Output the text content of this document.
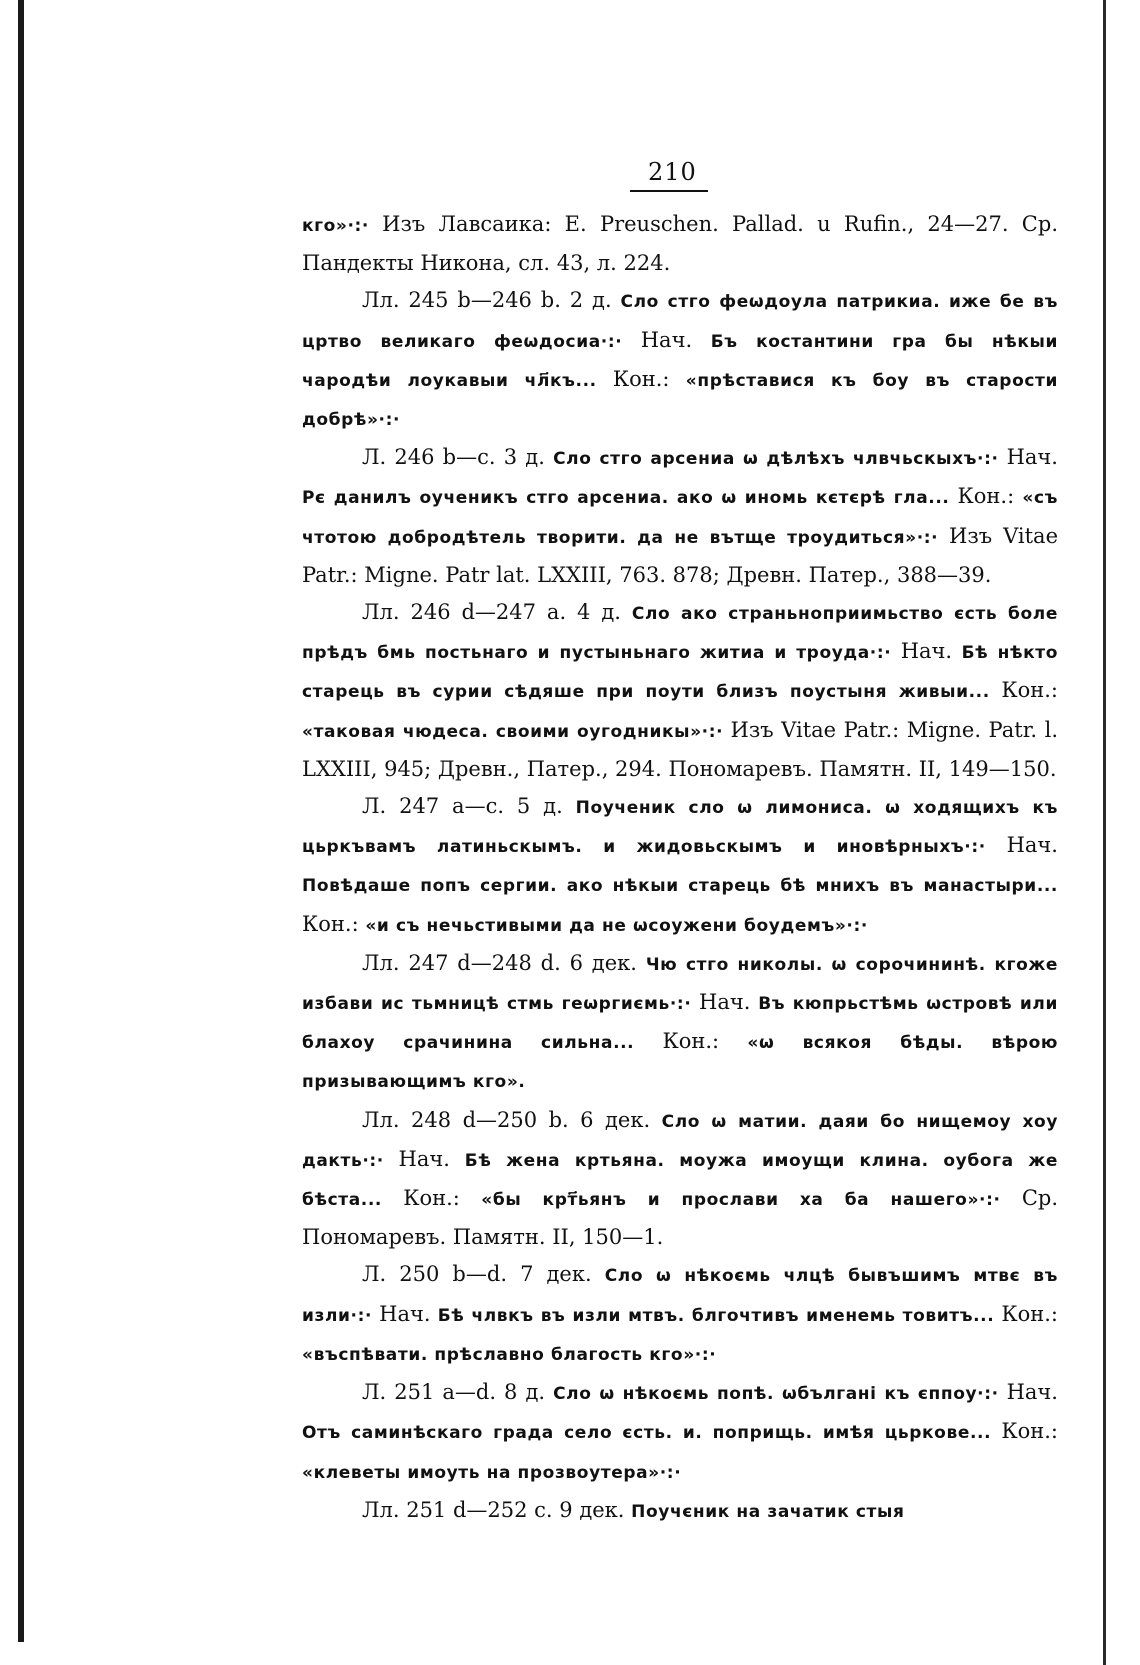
210

кго»·:· Изъ Лавсаика: E. Preuschen. Pallad. u Rufin., 24—27. Ср. Пандекты Никона, сл. 43, л. 224.

Лл. 245 b—246 b. 2 д. Сло стго феωдоула патрикиа. иже бе въ цртво великаго феωдосиа·:· Нач. Бъ костантини гра бы нѣкыи чародѣи лоукавыи чл҃къ... Кон.: «прѣставися къ боу въ старости добрѣ»·:·

Л. 246 b—c. 3 д. Сло стго арсениа ω дѣлѣхъ члвчьскыхъ·:· Нач. Рє данилъ оученикъ стго арсениа. ако ω иномь кєтєрѣ гла... Кон.: «съ чтотою добродѣтель творити. да не вътще троудиться»·:· Изъ Vitae Patr.: Migne. Patr lat. LXXIII, 763. 878; Древн. Патер., 388—39.

Лл. 246 d—247 a. 4 д. Сло ако страньноприимьство єсть боле прѣдъ бмь постьнаго и пустыньнаго житиа и троуда·:· Нач. Бѣ нѣкто старець въ сурии сѣдяше при поути близъ поустыня живыи... Кон.: «таковая чюдеса. своими оугодникы»·:· Изъ Vitae Patr.: Migne. Patr. l. LXXIII, 945; Древн., Патер., 294. Пономаревъ. Памятн. II, 149—150.

Л. 247 a—c. 5 д. Поученик сло ω лимониса. ω ходящихъ къ цьркъвамъ латиньскымъ. и жидовьскымъ и иновѣрныхъ·:· Нач. Повѣдаше попъ сергии. ако нѣкыи старець бѣ мнихъ въ манастыри... Кон.: «и съ нечьстивыми да не ωсоужени боудемъ»·:·

Лл. 247 d—248 d. 6 дек. Чю стго николы. ω сорочининѣ. кгоже избави ис тьмницѣ стмь геωргиємь·:· Нач. Въ кюпрьстѣмь ωстровѣ или блахоу срачинина сильна... Кон.: «ω всякоя бѣды. вѣрою призывающимъ кго».

Лл. 248 d—250 b. 6 дек. Сло ω матии. даяи бо нищемоу хоу дакть·:· Нач. Бѣ жена кртьяна. моужа имоущи клина. оубога же бѣста... Кон.: «бы крт҃ьянъ и прослави ха ба нашего»·:· Ср. Пономаревъ. Памятн. II, 150—1.

Л. 250 b—d. 7 дек. Сло ω нѣкоємь члцѣ бывъшимъ мтвє въ изли·:· Нач. Бѣ члвкъ въ изли мтвъ. блгочтивъ именемь товитъ... Кон.: «въспѣвати. прѣславно благость кго»·:·

Л. 251 a—d. 8 д. Сло ω нѣкоємь попѣ. ωбългані къ єппоу·:· Нач. Отъ саминѣскаго града село єсть. и. поприщь. имѣя цьркове... Кон.: «клеветы имоуть на прозвоутера»·:·

Лл. 251 d—252 c. 9 дек. Поучєник на зачатик стыя
